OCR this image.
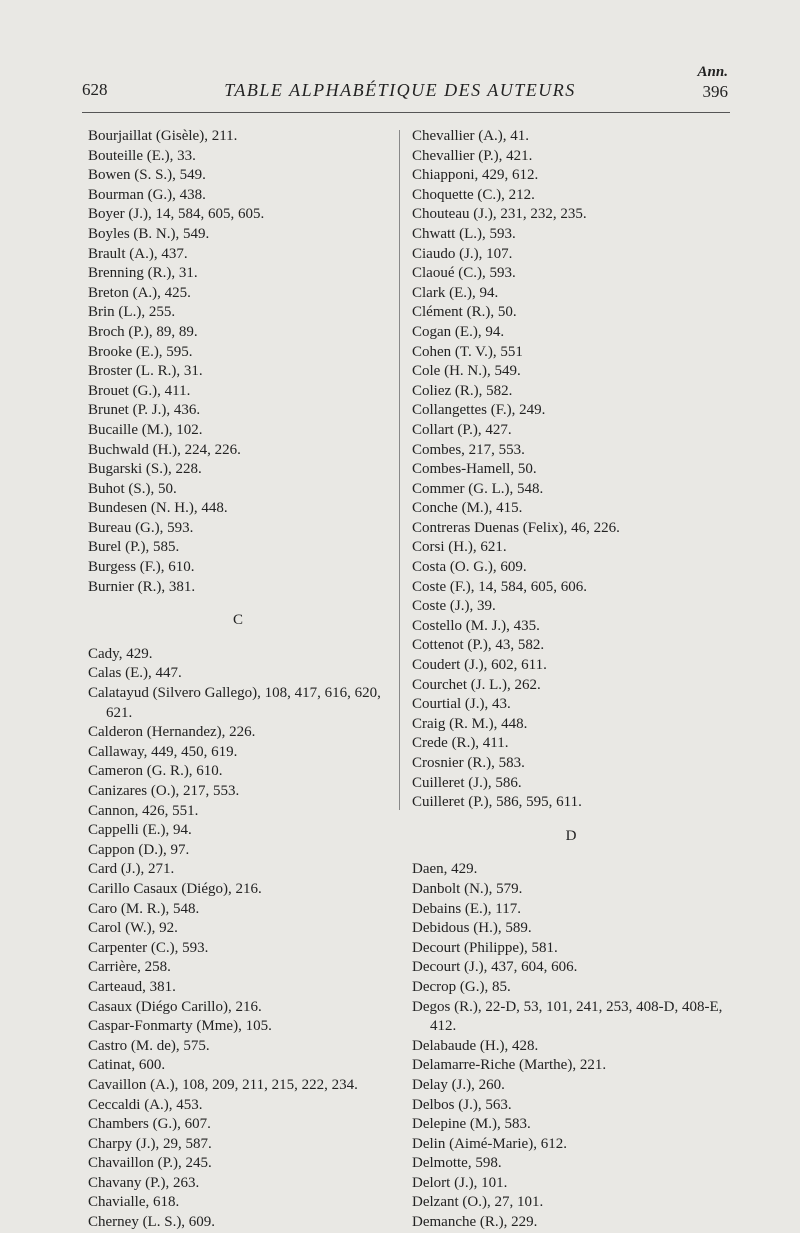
628	TABLE ALPHABÉTIQUE DES AUTEURS
Ann.
396
Bourjaillat (Gisèle), 211.
Bouteille (E.), 33.
Bowen (S. S.), 549.
Bourman (G.), 438.
Boyer (J.), 14, 584, 605, 605.
Boyles (B. N.), 549.
Brault (A.), 437.
Brenning (R.), 31.
Breton (A.), 425.
Brin (L.), 255.
Broch (P.), 89, 89.
Brooke (E.), 595.
Broster (L. R.), 31.
Brouet (G.), 411.
Brunet (P. J.), 436.
Bucaille (M.), 102.
Buchwald (H.), 224, 226.
Bugarski (S.), 228.
Buhot (S.), 50.
Bundesen (N. H.), 448.
Bureau (G.), 593.
Burel (P.), 585.
Burgess (F.), 610.
Burnier (R.), 381.
C
Cady, 429.
Calas (E.), 447.
Calatayud (Silvero Gallego), 108, 417, 616, 620, 621.
Calderon (Hernandez), 226.
Callaway, 449, 450, 619.
Cameron (G. R.), 610.
Canizares (O.), 217, 553.
Cannon, 426, 551.
Cappelli (E.), 94.
Cappon (D.), 97.
Card (J.), 271.
Carillo Casaux (Diégo), 216.
Caro (M. R.), 548.
Carol (W.), 92.
Carpenter (C.), 593.
Carrière, 258.
Carteaud, 381.
Casaux (Diégo Carillo), 216.
Caspar-Fonmarty (Mme), 105.
Castro (M. de), 575.
Catinat, 600.
Cavaillon (A.), 108, 209, 211, 215, 222, 234.
Ceccaldi (A.), 453.
Chambers (G.), 607.
Charpy (J.), 29, 587.
Chavaillon (P.), 245.
Chavany (P.), 263.
Chavialle, 618.
Cherney (L. S.), 609.
Chevallier (A.), 41.
Chevallier (P.), 421.
Chiapponi, 429, 612.
Choquette (C.), 212.
Chouteau (J.), 231, 232, 235.
Chwatt (L.), 593.
Ciaudo (J.), 107.
Claoué (C.), 593.
Clark (E.), 94.
Clément (R.), 50.
Cogan (E.), 94.
Cohen (T. V.), 551
Cole (H. N.), 549.
Coliez (R.), 582.
Collangettes (F.), 249.
Collart (P.), 427.
Combes, 217, 553.
Combes-Hamell, 50.
Commer (G. L.), 548.
Conche (M.), 415.
Contreras Duenas (Felix), 46, 226.
Corsi (H.), 621.
Costa (O. G.), 609.
Coste (F.), 14, 584, 605, 606.
Coste (J.), 39.
Costello (M. J.), 435.
Cottenot (P.), 43, 582.
Coudert (J.), 602, 611.
Courchet (J. L.), 262.
Courtial (J.), 43.
Craig (R. M.), 448.
Crede (R.), 411.
Crosnier (R.), 583.
Cuilleret (J.), 586.
Cuilleret (P.), 586, 595, 611.
D
Daen, 429.
Danbolt (N.), 579.
Debains (E.), 117.
Debidous (H.), 589.
Decourt (Philippe), 581.
Decourt (J.), 437, 604, 606.
Decrop (G.), 85.
Degos (R.), 22-D, 53, 101, 241, 253, 408-D, 408-E, 412.
Delabaude (H.), 428.
Delamarre-Riche (Marthe), 221.
Delay (J.), 260.
Delbos (J.), 563.
Delepine (M.), 583.
Delin (Aimé-Marie), 612.
Delmotte, 598.
Delort (J.), 101.
Delzant (O.), 27, 101.
Demanche (R.), 229.
